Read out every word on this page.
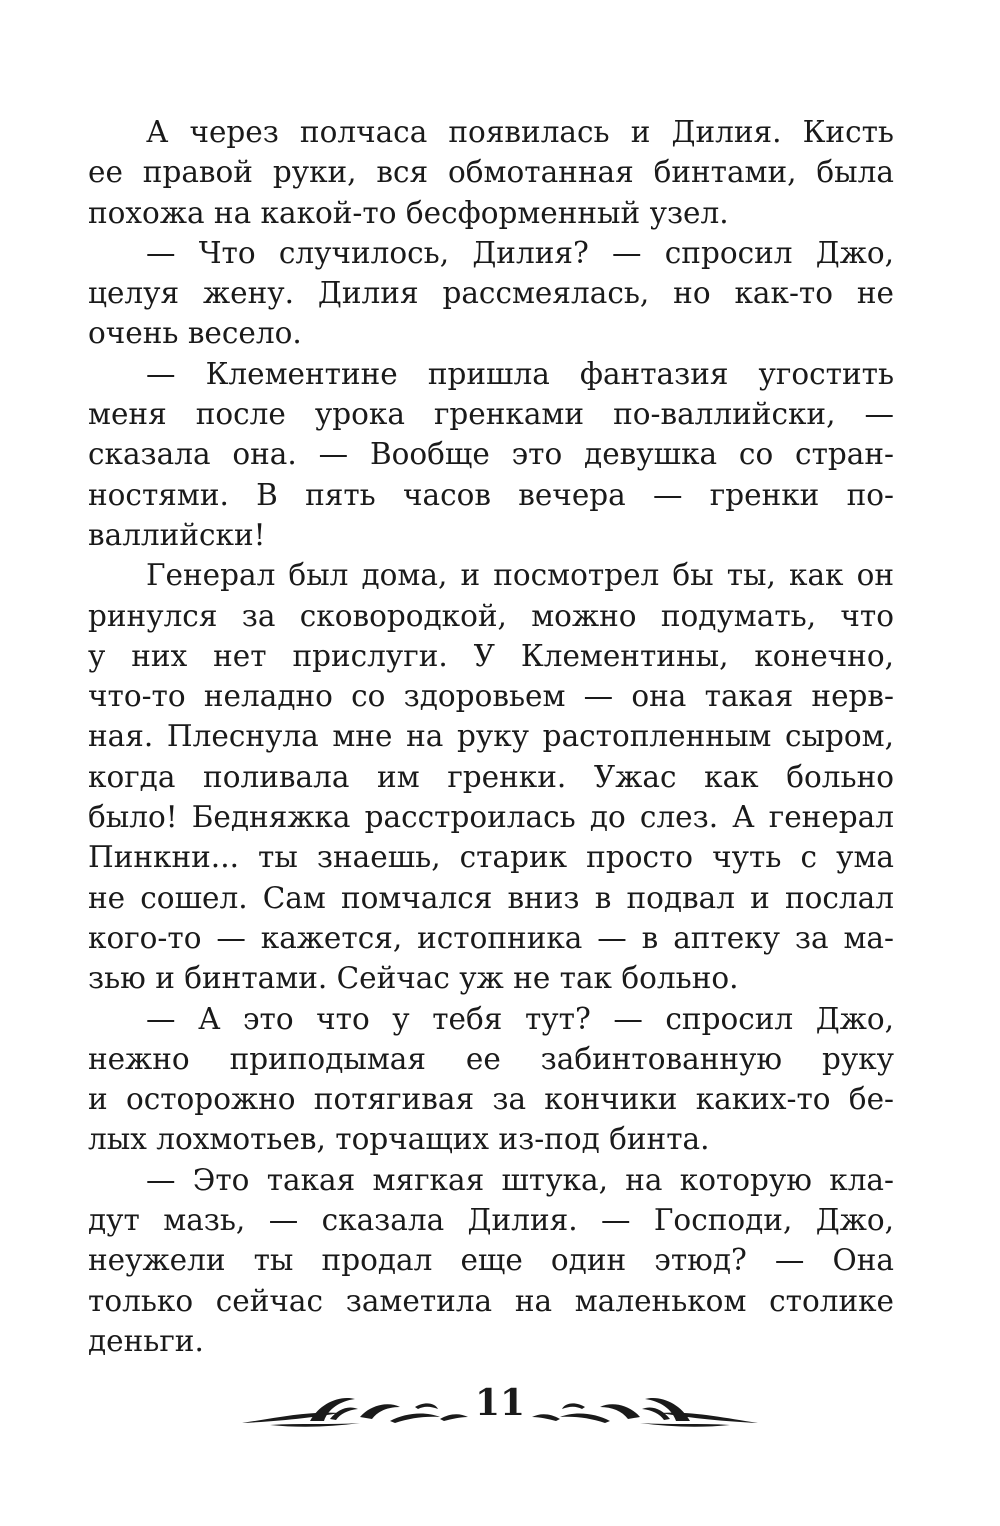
А через полчаса появилась и Дилия. Кисть
ее правой руки, вся обмотанная бинтами, была
похожа на какой-то бесформенный узел.
— Что случилось, Дилия? — спросил Джо,
целуя жену. Дилия рассмеялась, но как-то не
очень весело.
— Клементине пришла фантазия угостить
меня после урока гренками по-валлийски, —
сказала она. — Вообще это девушка со стран-
ностями. В пять часов вечера — гренки по-
валлийски!
Генерал был дома, и посмотрел бы ты, как он
ринулся за сковородкой, можно подумать, что
у них нет прислуги. У Клементины, конечно,
что-то неладно со здоровьем — она такая нерв-
ная. Плеснула мне на руку растопленным сыром,
когда поливала им гренки. Ужас как больно
было! Бедняжка расстроилась до слез. А генерал
Пинкни... ты знаешь, старик просто чуть с ума
не сошел. Сам помчался вниз в подвал и послал
кого-то — кажется, истопника — в аптеку за ма-
зью и бинтами. Сейчас уж не так больно.
— А это что у тебя тут? — спросил Джо,
нежно приподымая ее забинтованную руку
и осторожно потягивая за кончики каких-то бе-
лых лохмотьев, торчащих из-под бинта.
— Это такая мягкая штука, на которую кла-
дут мазь, — сказала Дилия. — Господи, Джо,
неужели ты продал еще один этюд? — Она
только сейчас заметила на маленьком столике
деньги.
11
